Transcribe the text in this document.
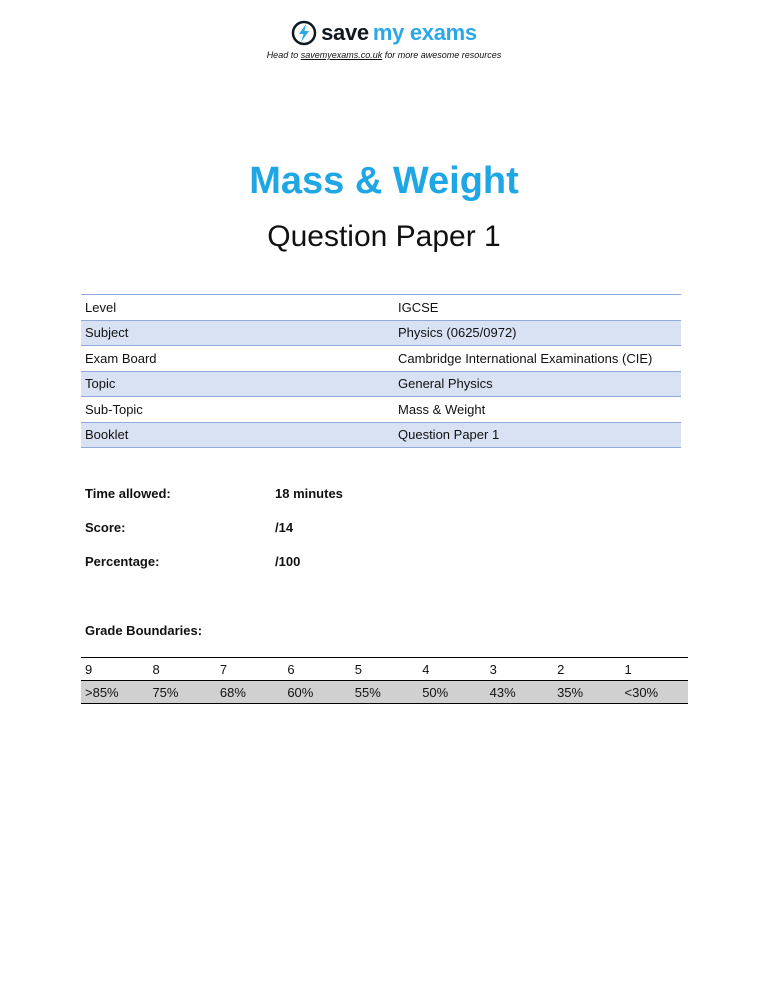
save my exams
Head to savemyexams.co.uk for more awesome resources
Mass & Weight
Question Paper 1
Level	IGCSE
Subject	Physics (0625/0972)
Exam Board	Cambridge International Examinations (CIE)
Topic	General Physics
Sub-Topic	Mass & Weight
Booklet	Question Paper 1
Time allowed:	18 minutes
Score:	/14
Percentage:	/100
Grade Boundaries:
9	8	7	6	5	4	3	2	1
>85%	75%	68%	60%	55%	50%	43%	35%	<30%
